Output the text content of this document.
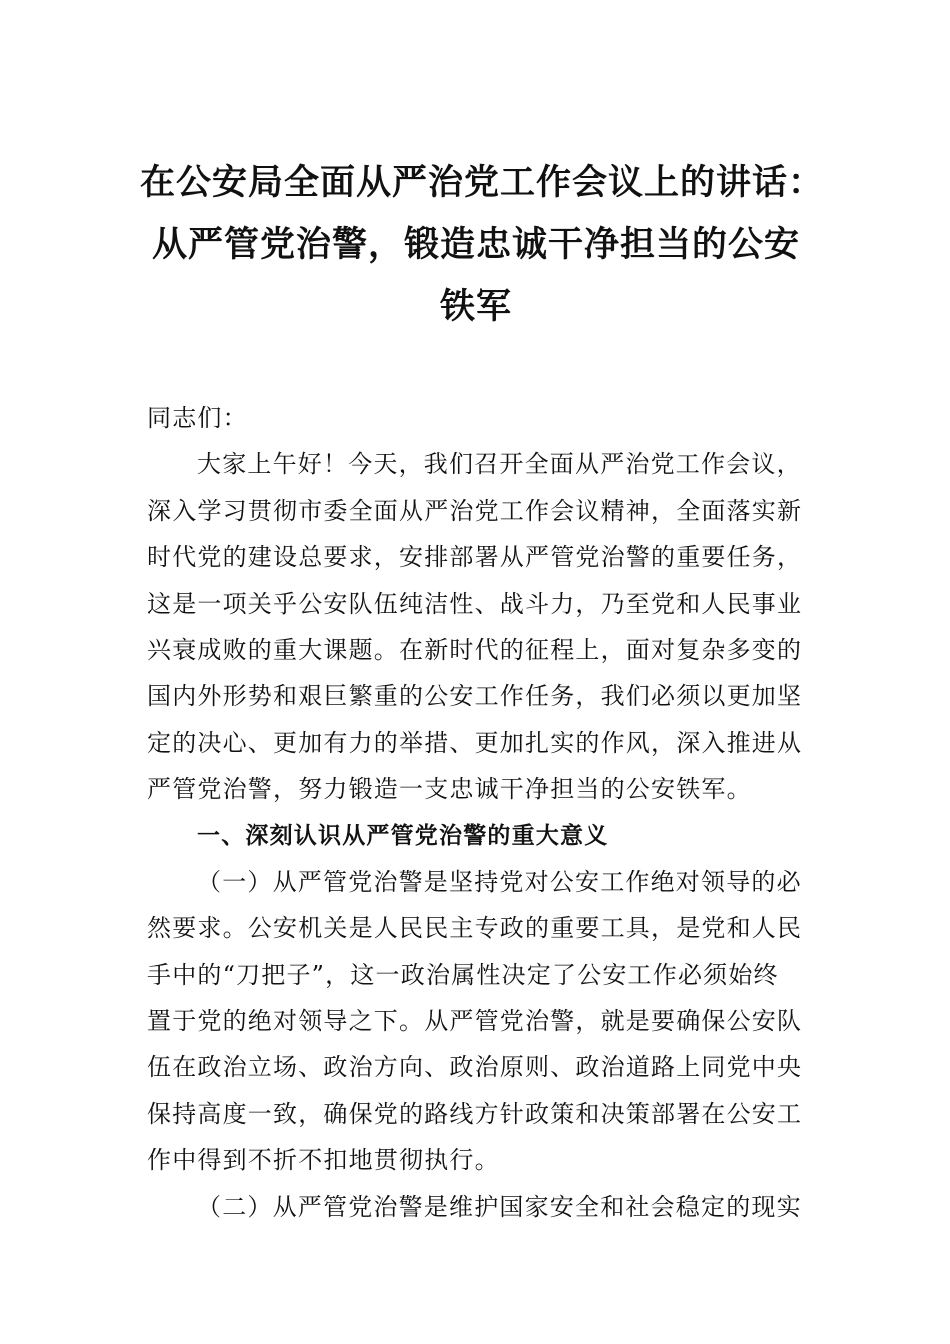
在公安局全面从严治党工作会议上的讲话：
从严管党治警，锻造忠诚干净担当的公安
铁军
同志们：
大家上午好！今天，我们召开全面从严治党工作会议，
深入学习贯彻市委全面从严治党工作会议精神，全面落实新
时代党的建设总要求，安排部署从严管党治警的重要任务，
这是一项关乎公安队伍纯洁性、战斗力，乃至党和人民事业
兴衰成败的重大课题。在新时代的征程上，面对复杂多变的
国内外形势和艰巨繁重的公安工作任务，我们必须以更加坚
定的决心、更加有力的举措、更加扎实的作风，深入推进从
严管党治警，努力锻造一支忠诚干净担当的公安铁军。
一、深刻认识从严管党治警的重大意义
（一）从严管党治警是坚持党对公安工作绝对领导的必
然要求。公安机关是人民民主专政的重要工具，是党和人民
手中的“刀把子”，这一政治属性决定了公安工作必须始终
置于党的绝对领导之下。从严管党治警，就是要确保公安队
伍在政治立场、政治方向、政治原则、政治道路上同党中央
保持高度一致，确保党的路线方针政策和决策部署在公安工
作中得到不折不扣地贯彻执行。
（二）从严管党治警是维护国家安全和社会稳定的现实
